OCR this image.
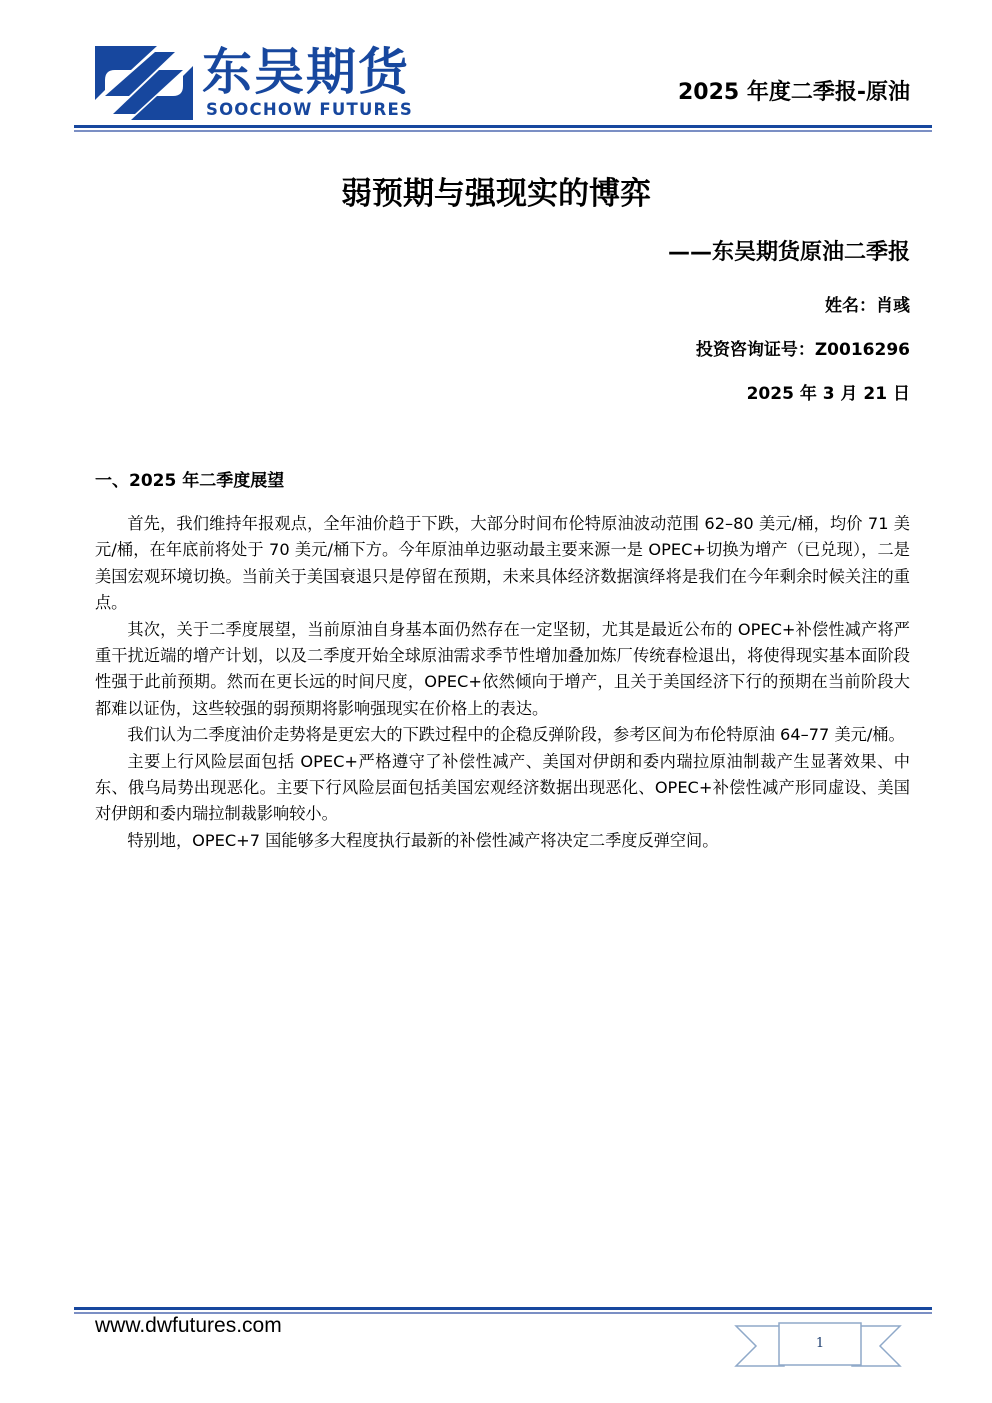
东吴期货
SOOCHOW FUTURES
2025 年度二季报-原油
弱预期与强现实的博弈
——东吴期货原油二季报
姓名：肖彧
投资咨询证号：Z0016296
2025 年 3 月 21 日
一、2025 年二季度展望

首先，我们维持年报观点，全年油价趋于下跌，大部分时间布伦特原油波动范围 62–80 美元/桶，均价 71 美元/桶，在年底前将处于 70 美元/桶下方。今年原油单边驱动最主要来源一是 OPEC+切换为增产（已兑现），二是美国宏观环境切换。当前关于美国衰退只是停留在预期，未来具体经济数据演绎将是我们在今年剩余时候关注的重点。

其次，关于二季度展望，当前原油自身基本面仍然存在一定坚韧，尤其是最近公布的 OPEC+补偿性减产将严重干扰近端的增产计划，以及二季度开始全球原油需求季节性增加叠加炼厂传统春检退出，将使得现实基本面阶段性强于此前预期。然而在更长远的时间尺度，OPEC+依然倾向于增产，且关于美国经济下行的预期在当前阶段大都难以证伪，这些较强的弱预期将影响强现实在价格上的表达。

我们认为二季度油价走势将是更宏大的下跌过程中的企稳反弹阶段，参考区间为布伦特原油 64–77 美元/桶。

主要上行风险层面包括 OPEC+严格遵守了补偿性减产、美国对伊朗和委内瑞拉原油制裁产生显著效果、中东、俄乌局势出现恶化。主要下行风险层面包括美国宏观经济数据出现恶化、OPEC+补偿性减产形同虚设、美国对伊朗和委内瑞拉制裁影响较小。

特别地，OPEC+7 国能够多大程度执行最新的补偿性减产将决定二季度反弹空间。

www.dwfutures.com
1
